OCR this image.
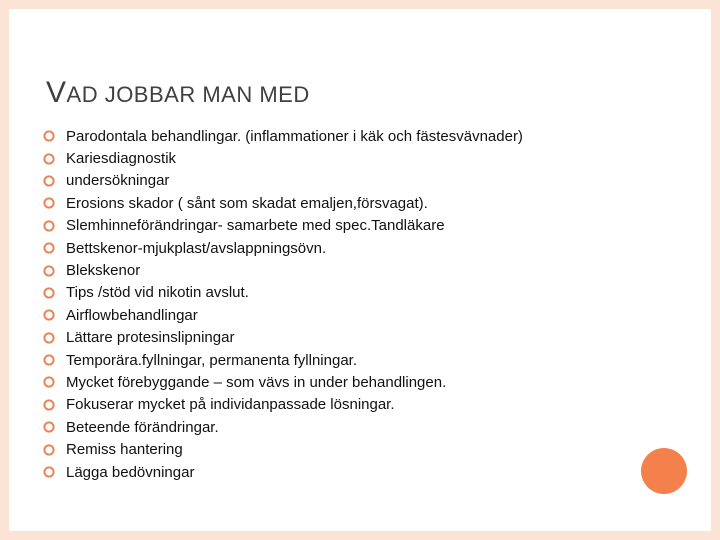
VAD JOBBAR MAN MED
Parodontala behandlingar. (inflammationer i käk och fästesvävnader)
Kariesdiagnostik
undersökningar
Erosions skador ( sånt som skadat emaljen,försvagat).
Slemhinneförändringar- samarbete med spec.Tandläkare
Bettskenor-mjukplast/avslappningsövn.
Blekskenor
Tips /stöd vid nikotin avslut.
Airflowbehandlingar
Lättare protesinslipningar
Temporära.fyllningar, permanenta fyllningar.
Mycket förebyggande – som vävs in under behandlingen.
Fokuserar mycket på individanpassade lösningar.
Beteende förändringar.
Remiss hantering
Lägga bedövningar
